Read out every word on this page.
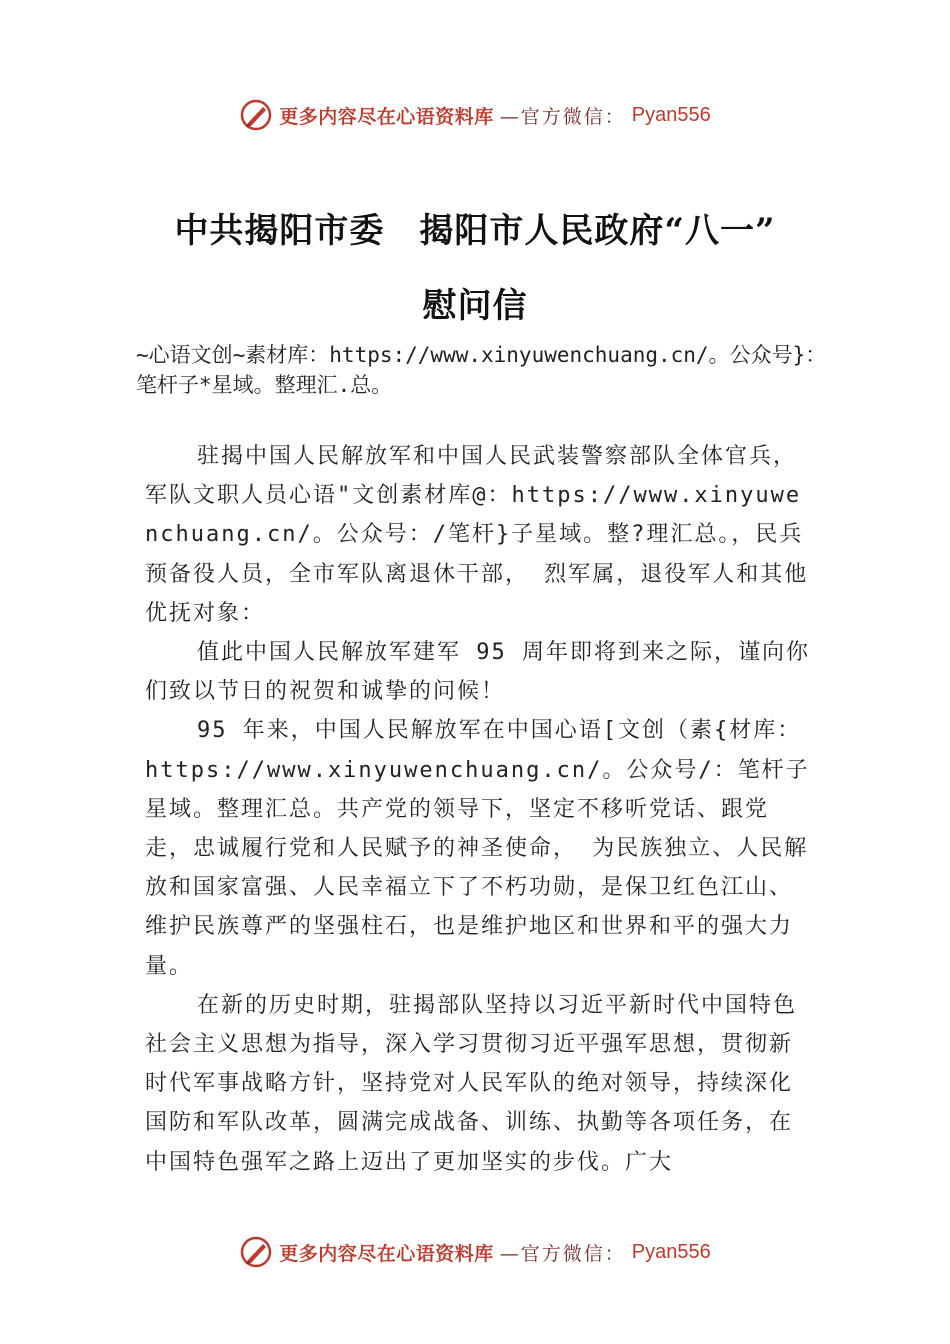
更多内容尽在心语资料库 —官方微信： Pyan556
中共揭阳市委　揭阳市人民政府“八一”
慰问信
~心语文创~素材库：https://www.xinyuwenchuang.cn/。公众号}：笔杆子*星域。整理汇.总。

驻揭中国人民解放军和中国人民武装警察部队全体官兵，军队文职人员心语"文创素材库@：https://www.xinyuwenchuang.cn/。公众号：/笔杆}子星域。整?理汇总。，民兵预备役人员，全市军队离退休干部， 烈军属，退役军人和其他优抚对象：

值此中国人民解放军建军 95 周年即将到来之际，谨向你们致以节日的祝贺和诚挚的问候！

95 年来，中国人民解放军在中国心语[文创（素{材库：https://www.xinyuwenchuang.cn/。公众号/：笔杆子星域。整理汇总。共产党的领导下，坚定不移听党话、跟党走，忠诚履行党和人民赋予的神圣使命， 为民族独立、人民解放和国家富强、人民幸福立下了不朽功勋，是保卫红色江山、维护民族尊严的坚强柱石，也是维护地区和世界和平的强大力量。

在新的历史时期，驻揭部队坚持以习近平新时代中国特色社会主义思想为指导，深入学习贯彻习近平强军思想，贯彻新时代军事战略方针，坚持党对人民军队的绝对领导，持续深化国防和军队改革，圆满完成战备、训练、执勤等各项任务，在中国特色强军之路上迈出了更加坚实的步伐。广大

更多内容尽在心语资料库 —官方微信： Pyan556
